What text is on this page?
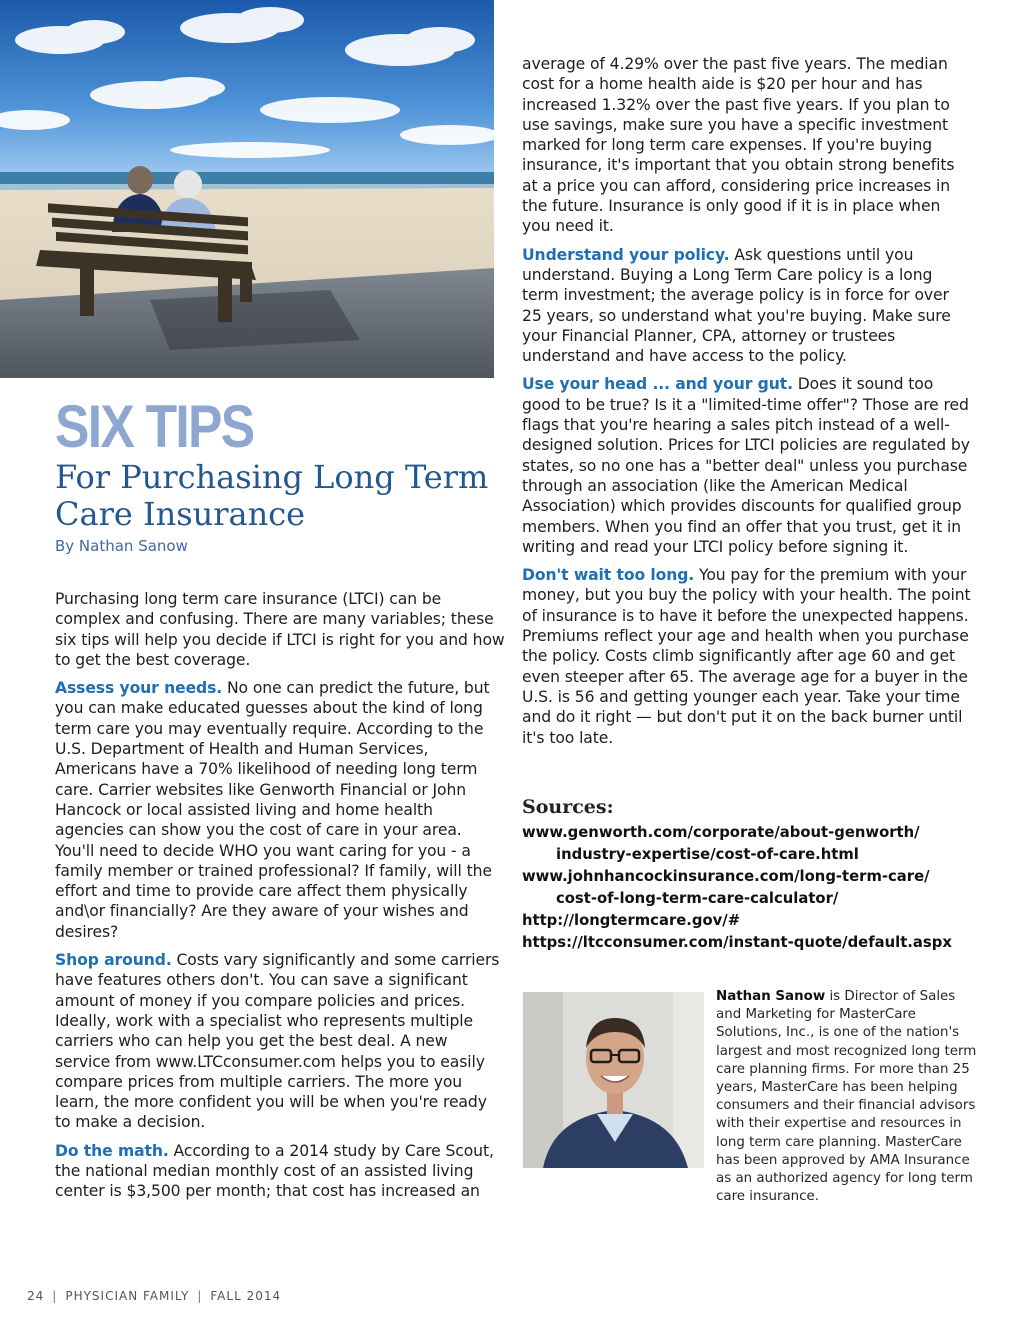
SIX TIPS
For Purchasing Long Term Care Insurance

By Nathan Sanow

Purchasing long term care insurance (LTCI) can be complex and confusing. There are many variables; these six tips will help you decide if LTCI is right for you and how to get the best coverage.

Assess your needs. No one can predict the future, but you can make educated guesses about the kind of long term care you may eventually require. According to the U.S. Department of Health and Human Services, Americans have a 70% likelihood of needing long term care. Carrier websites like Genworth Financial or John Hancock or local assisted living and home health agencies can show you the cost of care in your area. You'll need to decide WHO you want caring for you - a family member or trained professional? If family, will the effort and time to provide care affect them physically and\or financially? Are they aware of your wishes and desires?

Shop around. Costs vary significantly and some carriers have features others don't. You can save a significant amount of money if you compare policies and prices. Ideally, work with a specialist who represents multiple carriers who can help you get the best deal. A new service from www.LTCconsumer.com helps you to easily compare prices from multiple carriers. The more you learn, the more confident you will be when you're ready to make a decision.

Do the math. According to a 2014 study by Care Scout, the national median monthly cost of an assisted living center is $3,500 per month; that cost has increased an

average of 4.29% over the past five years. The median cost for a home health aide is $20 per hour and has increased 1.32% over the past five years. If you plan to use savings, make sure you have a specific investment marked for long term care expenses. If you're buying insurance, it's important that you obtain strong benefits at a price you can afford, considering price increases in the future. Insurance is only good if it is in place when you need it.

Understand your policy. Ask questions until you understand. Buying a Long Term Care policy is a long term investment; the average policy is in force for over 25 years, so understand what you're buying. Make sure your Financial Planner, CPA, attorney or trustees understand and have access to the policy.

Use your head ... and your gut. Does it sound too good to be true? Is it a "limited-time offer"? Those are red flags that you're hearing a sales pitch instead of a well-designed solution. Prices for LTCI policies are regulated by states, so no one has a "better deal" unless you purchase through an association (like the American Medical Association) which provides discounts for qualified group members. When you find an offer that you trust, get it in writing and read your LTCI policy before signing it.

Don't wait too long. You pay for the premium with your money, but you buy the policy with your health. The point of insurance is to have it before the unexpected happens. Premiums reflect your age and health when you purchase the policy. Costs climb significantly after age 60 and get even steeper after 65. The average age for a buyer in the U.S. is 56 and getting younger each year. Take your time and do it right — but don't put it on the back burner until it's too late.

Sources:
www.genworth.com/corporate/about-genworth/
industry-expertise/cost-of-care.html
www.johnhancockinsurance.com/long-term-care/
cost-of-long-term-care-calculator/
http://longtermcare.gov/#
https://ltcconsumer.com/instant-quote/default.aspx

Nathan Sanow is Director of Sales and Marketing for MasterCare Solutions, Inc., is one of the nation's largest and most recognized long term care planning firms. For more than 25 years, MasterCare has been helping consumers and their financial advisors with their expertise and resources in long term care planning. MasterCare has been approved by AMA Insurance as an authorized agency for long term care insurance.

24 | PHYSICIAN FAMILY | FALL 2014
